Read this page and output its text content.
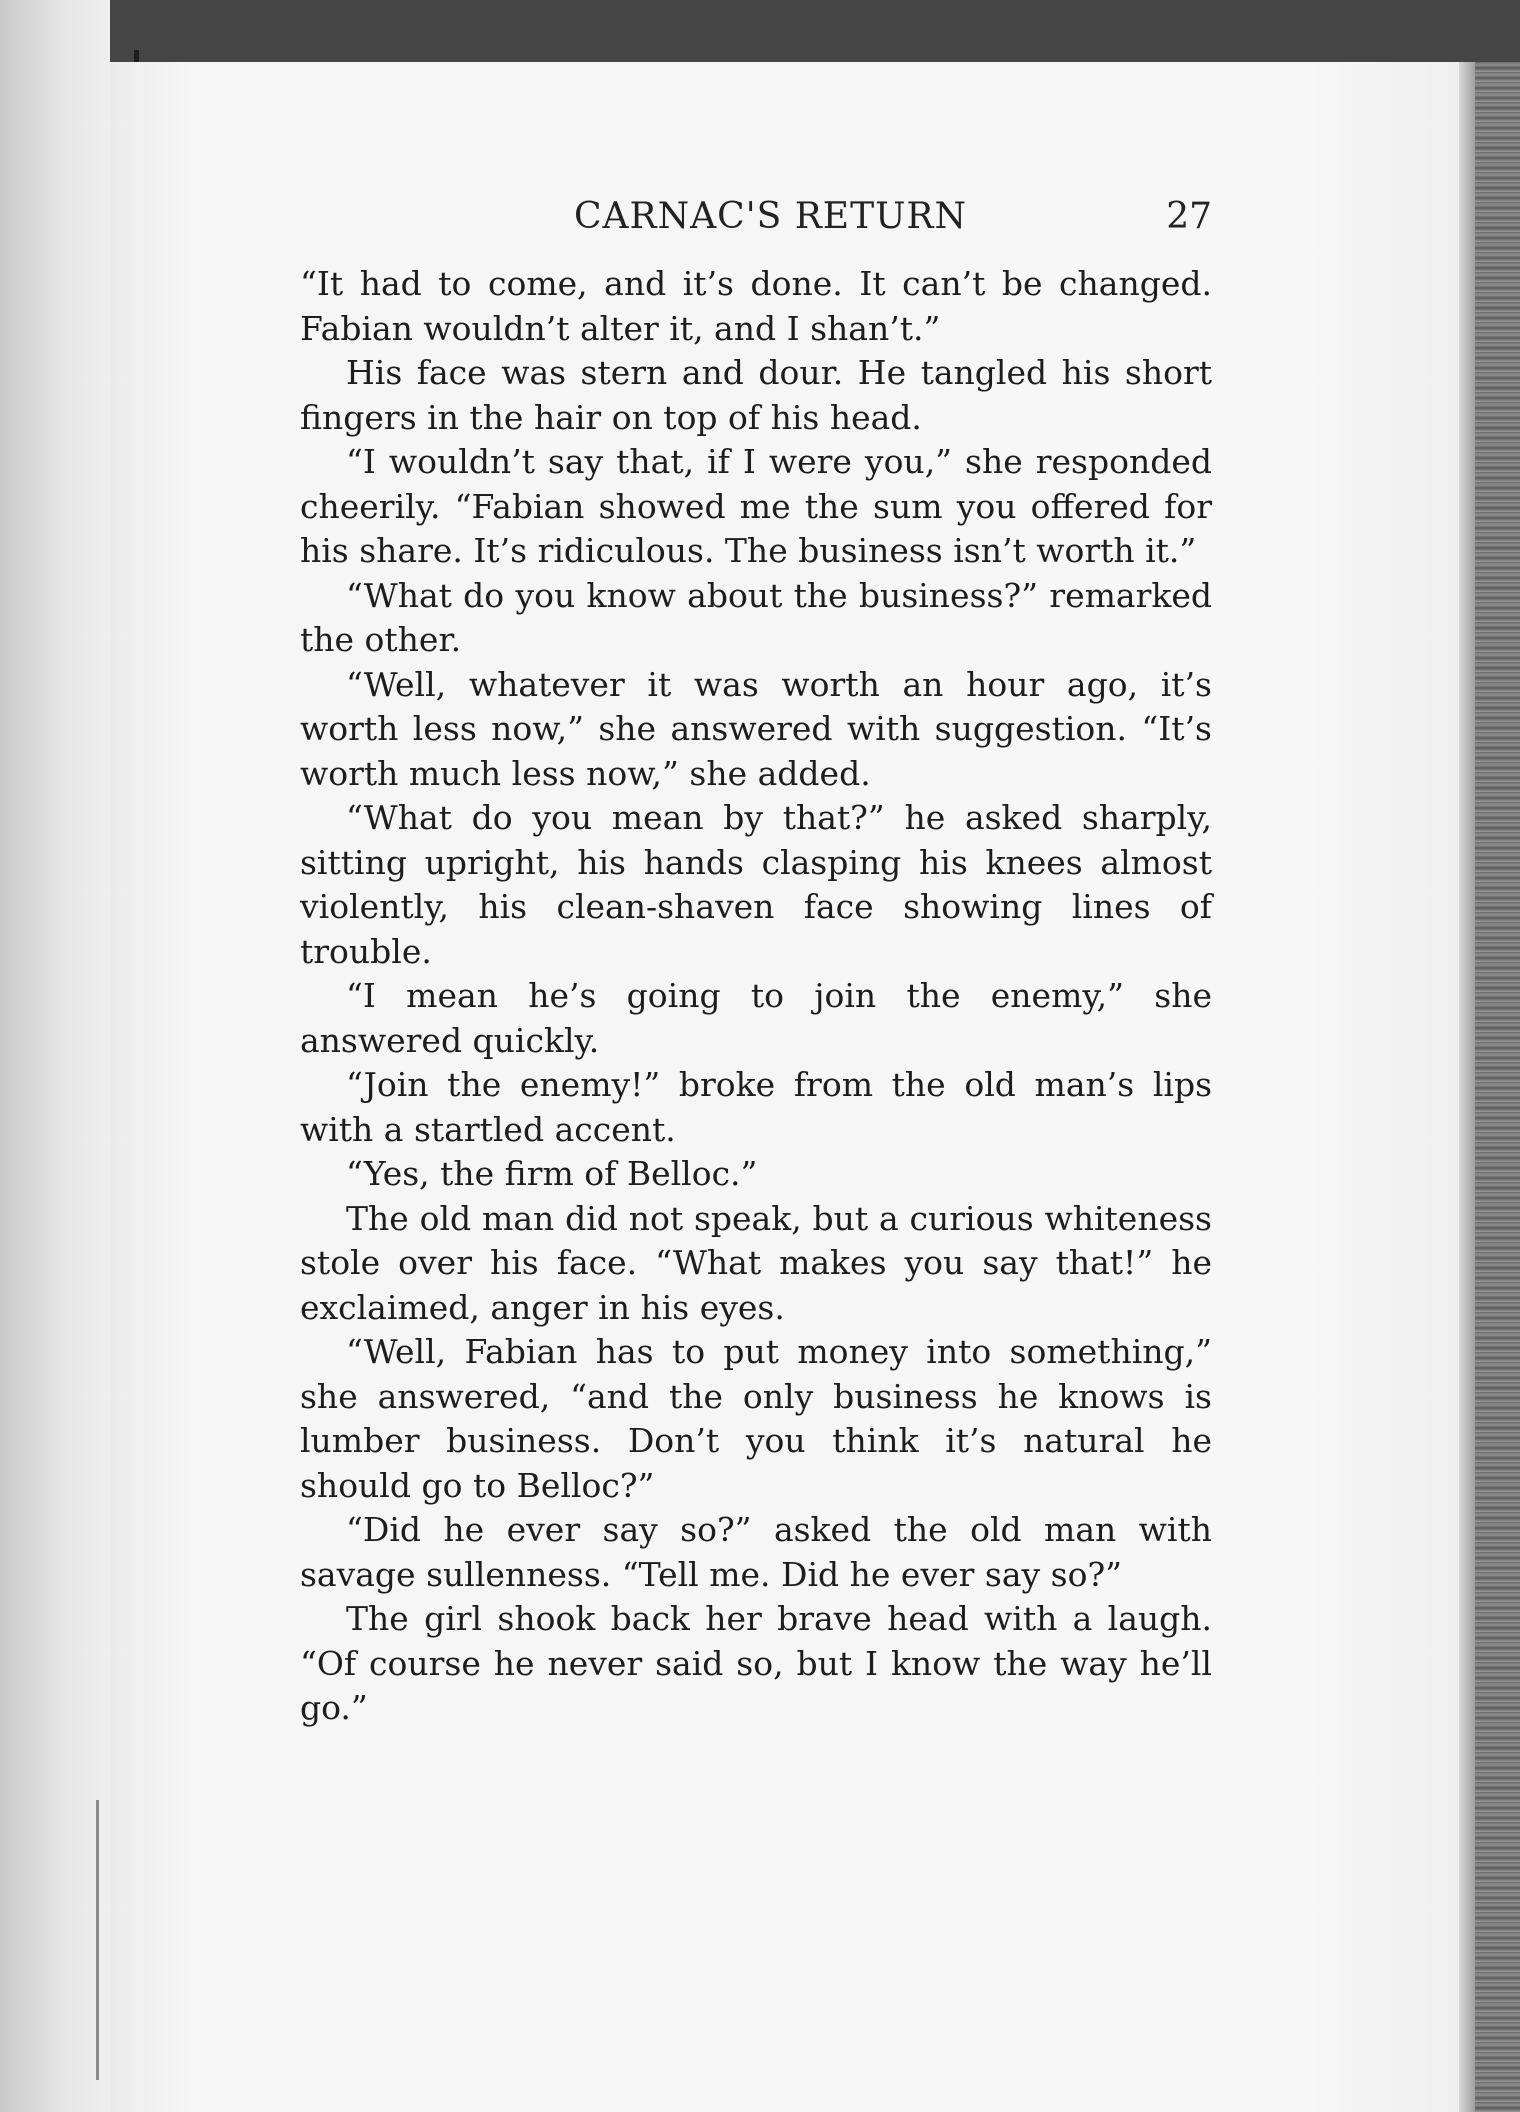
CARNAC'S RETURN	27

“It had to come, and it’s done. It can’t be changed. Fabian wouldn’t alter it, and I shan’t.”

His face was stern and dour. He tangled his short fingers in the hair on top of his head.

“I wouldn’t say that, if I were you,” she responded cheerily. “Fabian showed me the sum you offered for his share. It’s ridiculous. The business isn’t worth it.”

“What do you know about the business?” remarked the other.

“Well, whatever it was worth an hour ago, it’s worth less now,” she answered with suggestion. “It’s worth much less now,” she added.

“What do you mean by that?” he asked sharply, sitting upright, his hands clasping his knees almost violently, his clean-shaven face showing lines of trouble.

“I mean he’s going to join the enemy,” she answered quickly.

“Join the enemy!” broke from the old man’s lips with a startled accent.

“Yes, the firm of Belloc.”

The old man did not speak, but a curious whiteness stole over his face. “What makes you say that!” he exclaimed, anger in his eyes.

“Well, Fabian has to put money into something,” she answered, “and the only business he knows is lumber business. Don’t you think it’s natural he should go to Belloc?”

“Did he ever say so?” asked the old man with savage sullenness. “Tell me. Did he ever say so?”

The girl shook back her brave head with a laugh. “Of course he never said so, but I know the way he’ll go.”
